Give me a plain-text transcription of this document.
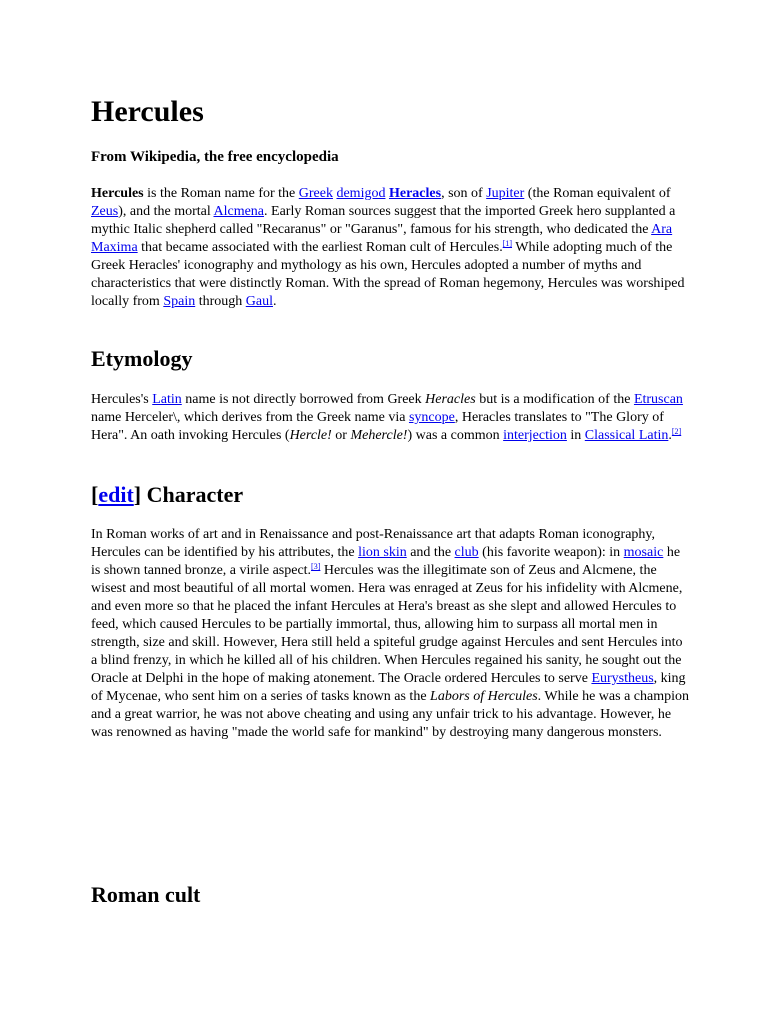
Hercules

From Wikipedia, the free encyclopedia

Hercules is the Roman name for the Greek demigod Heracles, son of Jupiter (the Roman equivalent of Zeus), and the mortal Alcmena. Early Roman sources suggest that the imported Greek hero supplanted a mythic Italic shepherd called "Recaranus" or "Garanus", famous for his strength, who dedicated the Ara Maxima that became associated with the earliest Roman cult of Hercules.[1] While adopting much of the Greek Heracles' iconography and mythology as his own, Hercules adopted a number of myths and characteristics that were distinctly Roman. With the spread of Roman hegemony, Hercules was worshiped locally from Spain through Gaul.

Etymology

Hercules's Latin name is not directly borrowed from Greek Heracles but is a modification of the Etruscan name Herceler\, which derives from the Greek name via syncope, Heracles translates to "The Glory of Hera". An oath invoking Hercules (Hercle! or Mehercle!) was a common interjection in Classical Latin.[2]

[edit] Character

In Roman works of art and in Renaissance and post-Renaissance art that adapts Roman iconography, Hercules can be identified by his attributes, the lion skin and the club (his favorite weapon): in mosaic he is shown tanned bronze, a virile aspect.[3] Hercules was the illegitimate son of Zeus and Alcmene, the wisest and most beautiful of all mortal women. Hera was enraged at Zeus for his infidelity with Alcmene, and even more so that he placed the infant Hercules at Hera's breast as she slept and allowed Hercules to feed, which caused Hercules to be partially immortal, thus, allowing him to surpass all mortal men in strength, size and skill. However, Hera still held a spiteful grudge against Hercules and sent Hercules into a blind frenzy, in which he killed all of his children. When Hercules regained his sanity, he sought out the Oracle at Delphi in the hope of making atonement. The Oracle ordered Hercules to serve Eurystheus, king of Mycenae, who sent him on a series of tasks known as the Labors of Hercules. While he was a champion and a great warrior, he was not above cheating and using any unfair trick to his advantage. However, he was renowned as having "made the world safe for mankind" by destroying many dangerous monsters.

Roman cult
